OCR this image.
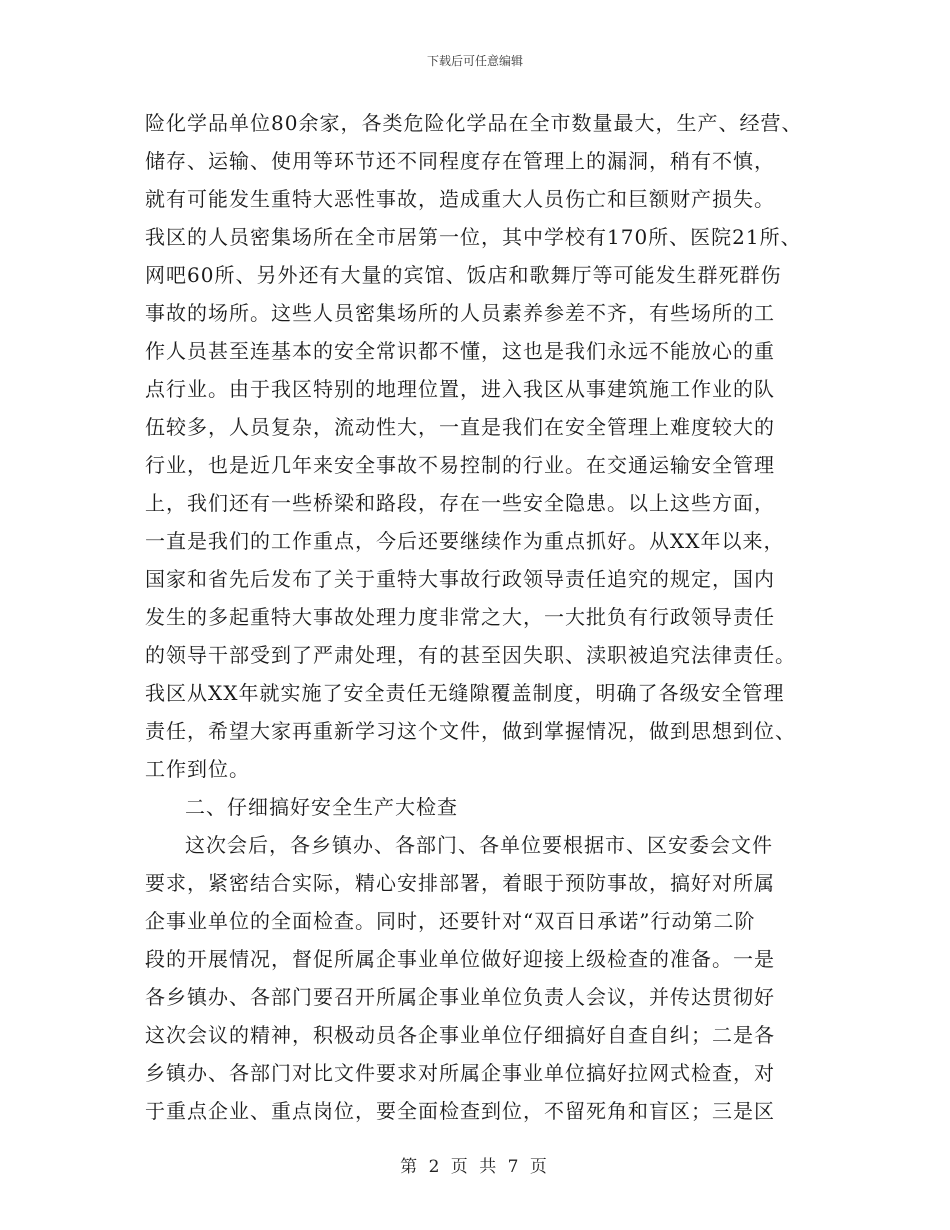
下载后可任意编辑
险化学品单位80余家，各类危险化学品在全市数量最大，生产、经营、
储存、运输、使用等环节还不同程度存在管理上的漏洞，稍有不慎，
就有可能发生重特大恶性事故，造成重大人员伤亡和巨额财产损失。
我区的人员密集场所在全市居第一位，其中学校有170所、医院21所、
网吧60所、另外还有大量的宾馆、饭店和歌舞厅等可能发生群死群伤
事故的场所。这些人员密集场所的人员素养参差不齐，有些场所的工
作人员甚至连基本的安全常识都不懂，这也是我们永远不能放心的重
点行业。由于我区特别的地理位置，进入我区从事建筑施工作业的队
伍较多，人员复杂，流动性大，一直是我们在安全管理上难度较大的
行业，也是近几年来安全事故不易控制的行业。在交通运输安全管理
上，我们还有一些桥梁和路段，存在一些安全隐患。以上这些方面，
一直是我们的工作重点，今后还要继续作为重点抓好。从XX年以来，
国家和省先后发布了关于重特大事故行政领导责任追究的规定，国内
发生的多起重特大事故处理力度非常之大，一大批负有行政领导责任
的领导干部受到了严肃处理，有的甚至因失职、渎职被追究法律责任。
我区从XX年就实施了安全责任无缝隙覆盖制度，明确了各级安全管理
责任，希望大家再重新学习这个文件，做到掌握情况，做到思想到位、
工作到位。
二、仔细搞好安全生产大检查
这次会后，各乡镇办、各部门、各单位要根据市、区安委会文件
要求，紧密结合实际，精心安排部署，着眼于预防事故，搞好对所属
企事业单位的全面检查。同时，还要针对“双百日承诺”行动第二阶
段的开展情况，督促所属企事业单位做好迎接上级检查的准备。一是
各乡镇办、各部门要召开所属企事业单位负责人会议，并传达贯彻好
这次会议的精神，积极动员各企事业单位仔细搞好自查自纠；二是各
乡镇办、各部门对比文件要求对所属企事业单位搞好拉网式检查，对
于重点企业、重点岗位，要全面检查到位，不留死角和盲区；三是区
第 2 页 共 7 页
